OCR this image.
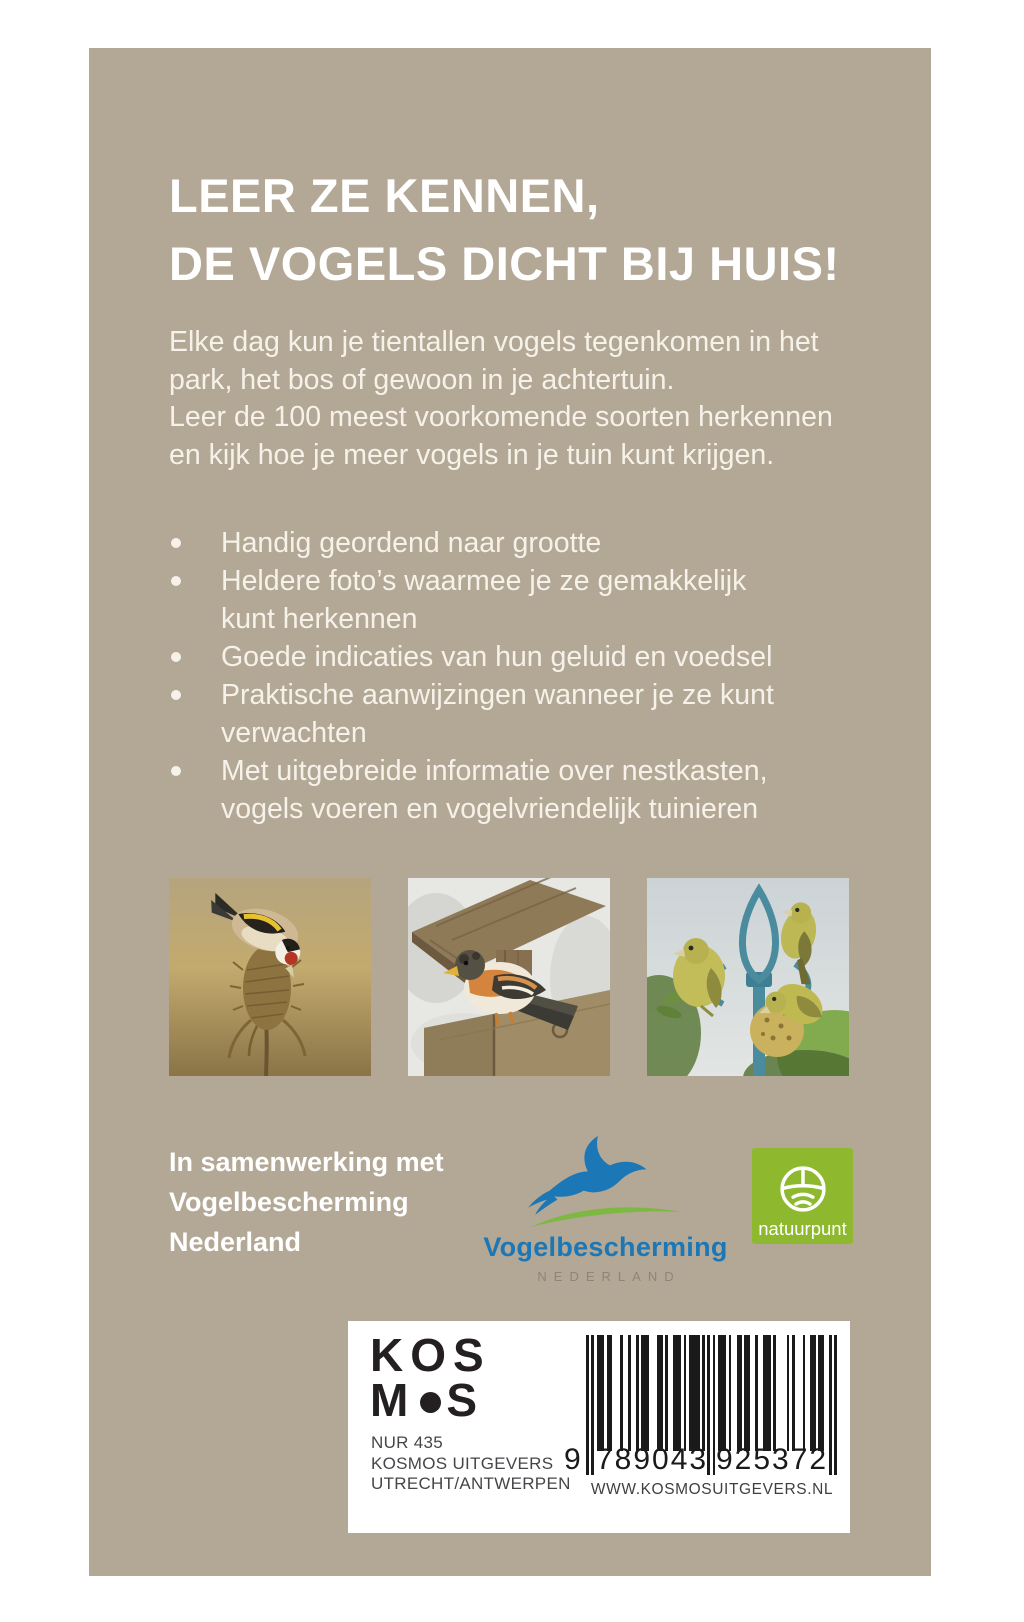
LEER ZE KENNEN,
DE VOGELS DICHT BIJ HUIS!

Elke dag kun je tientallen vogels tegenkomen in het park, het bos of gewoon in je achtertuin.

Leer de 100 meest voorkomende soorten herkennen en kijk hoe je meer vogels in je tuin kunt krijgen.

Handig geordend naar grootte
Heldere foto’s waarmee je ze gemakkelijk kunt herkennen
Goede indicaties van hun geluid en voedsel
Praktische aanwijzingen wanneer je ze kunt verwachten
Met uitgebreide informatie over nestkasten, vogels voeren en vogelvriendelijk tuinieren
In samenwerking met
Vogelbescherming
Nederland	Vogelbescherming
NEDERLAND
natuurpunt
KOS
M S
NUR 435
KOSMOS UITGEVERS
UTRECHT/ANTWERPEN
9 789043 925372
WWW.KOSMOSUITGEVERS.NL
